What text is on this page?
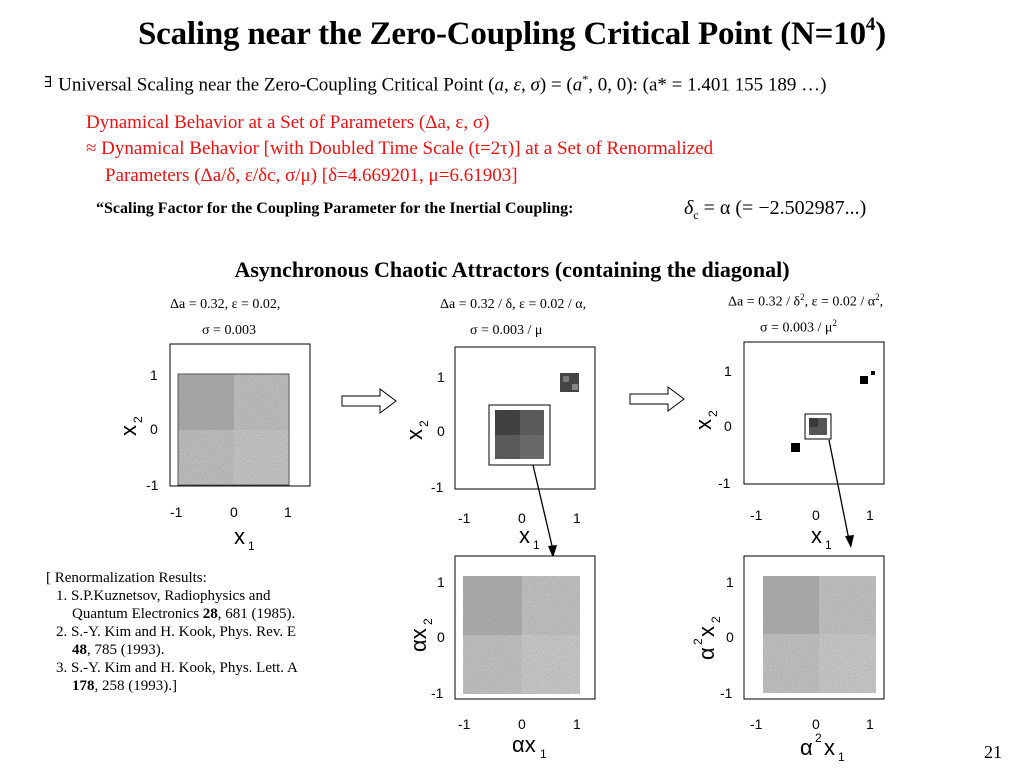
Scaling near the Zero-Coupling Critical Point $(N=10^4)$
∃ Universal Scaling near the Zero-Coupling Critical Point (a, ε, σ) = (a*, 0, 0): (a* = 1.401 155 189 …)
Dynamical Behavior at a Set of Parameters (Δa, ε, σ)
≈ Dynamical Behavior [with Doubled Time Scale (t=2τ)] at a Set of Renormalized
Parameters (Δa/δ, ε/δc, σ/μ) [δ=4.669201, μ=6.61903]
“Scaling Factor for the Coupling Parameter for the Inertial Coupling:	$\delta_c = \alpha$ (= −2.502987...)
Asynchronous Chaotic Attractors (containing the diagonal)
Δa = 0.32, ε = 0.02,
σ = 0.003
Δa = 0.32 / δ, ε = 0.02 / α,
σ = 0.003 / μ
$\Delta a = 0.32 / \delta^2$, $\varepsilon = 0.02 / \alpha^2$,
$\sigma = 0.003 / \mu^2$
1
0
-1
-1	0	1
x 1
x
2
1
0
-1
-1	0	1
x 1
x
2
1
0
-1
-1	0	1
x 1
x
2
1
0
-1
-1	0	1
αx 1
αx
2
1
0
-1
-1	0	1
α 2 x 1
α
2
x
2
[ Renormalization Results:
1. S.P.Kuznetsov, Radiophysics and
Quantum Electronics 28, 681 (1985).
2. S.-Y. Kim and H. Kook, Phys. Rev. E
48, 785 (1993).
3. S.-Y. Kim and H. Kook, Phys. Lett. A
178, 258 (1993).]
21
